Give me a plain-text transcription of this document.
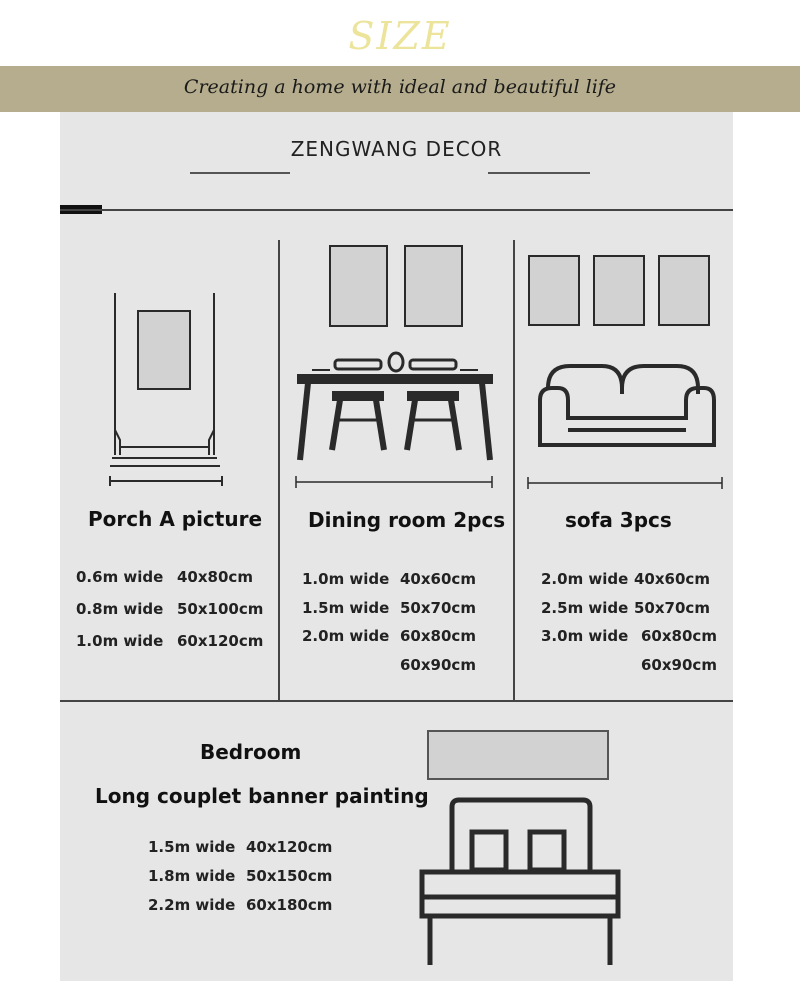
SIZE
Creating a home with ideal and beautiful life
ZENGWANG DECOR
Porch A picture
0.6m wide 40x80cm
0.8m wide 50x100cm
1.0m wide 60x120cm
Dining room 2pcs
1.0m wide 40x60cm
1.5m wide 50x70cm
2.0m wide 60x80cm
60x90cm
sofa 3pcs
2.0m wide 40x60cm
2.5m wide 50x70cm
3.0m wide 60x80cm
60x90cm
Bedroom
Long couplet banner painting
1.5m wide 40x120cm
1.8m wide 50x150cm
2.2m wide 60x180cm
